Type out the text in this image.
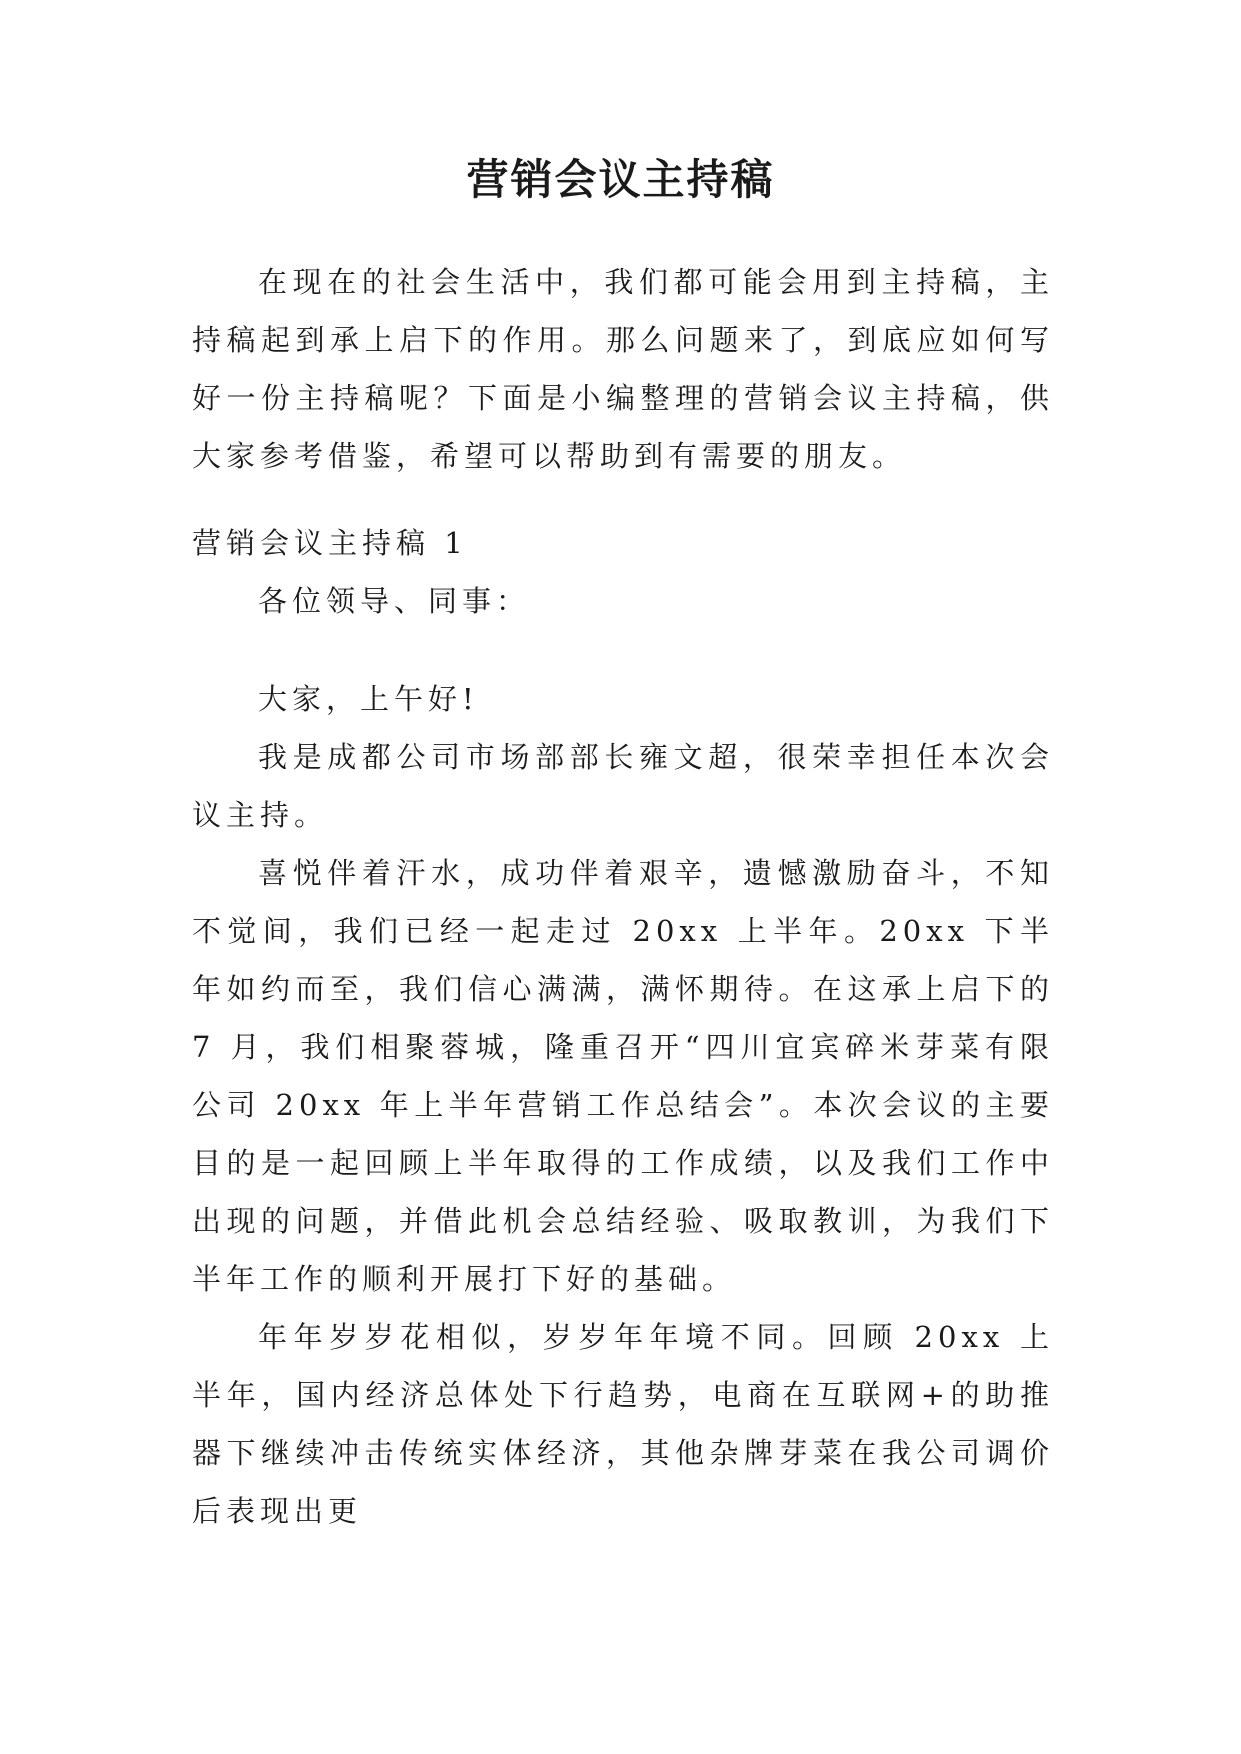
营销会议主持稿

在现在的社会生活中，我们都可能会用到主持稿，主持稿起到承上启下的作用。那么问题来了，到底应如何写好一份主持稿呢？下面是小编整理的营销会议主持稿，供大家参考借鉴，希望可以帮助到有需要的朋友。

营销会议主持稿 1

各位领导、同事：

大家，上午好!

我是成都公司市场部部长雍文超，很荣幸担任本次会议主持。

喜悦伴着汗水，成功伴着艰辛，遗憾激励奋斗，不知不觉间，我们已经一起走过 20xx 上半年。20xx 下半年如约而至，我们信心满满，满怀期待。在这承上启下的 7 月，我们相聚蓉城，隆重召开“四川宜宾碎米芽菜有限公司 20xx 年上半年营销工作总结会”。本次会议的主要目的是一起回顾上半年取得的工作成绩，以及我们工作中出现的问题，并借此机会总结经验、吸取教训，为我们下半年工作的顺利开展打下好的基础。

年年岁岁花相似，岁岁年年境不同。回顾 20xx 上半年，国内经济总体处下行趋势，电商在互联网+的助推器下继续冲击传统实体经济，其他杂牌芽菜在我公司调价后表现出更
